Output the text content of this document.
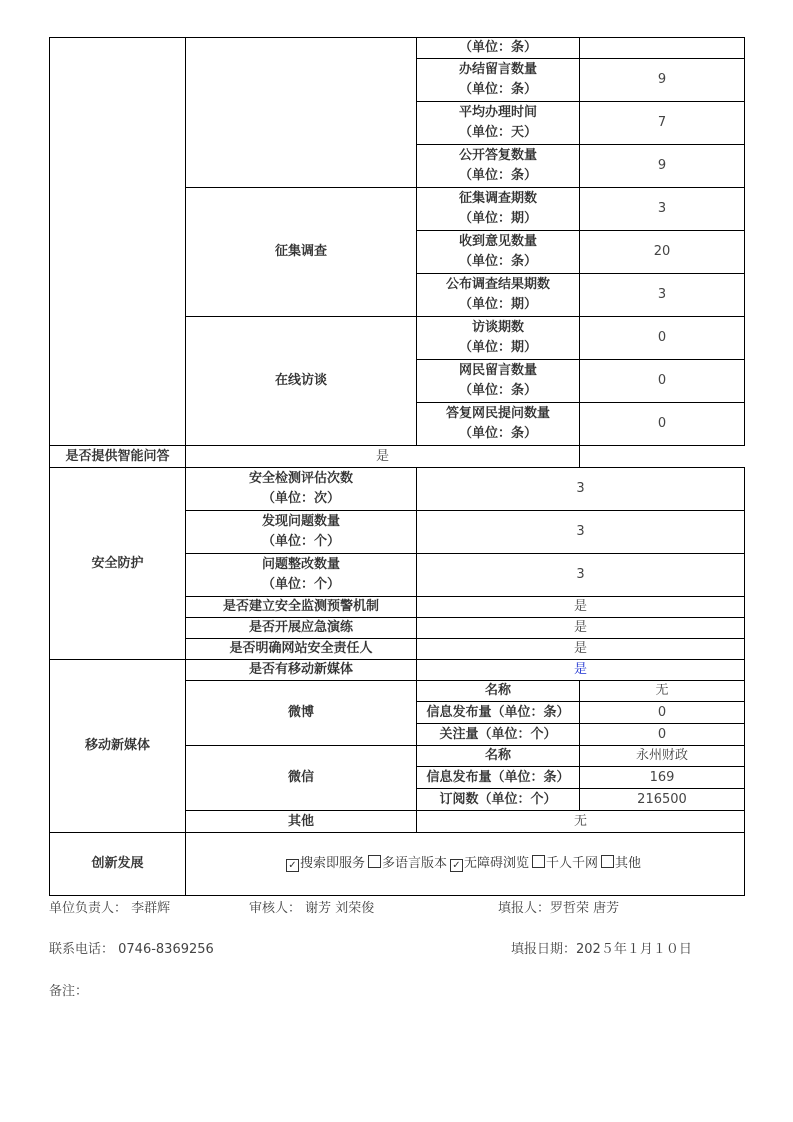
		（单位：条）	
		办结留言数量
（单位：条）	9
		平均办理时间
（单位：天）	7
		公开答复数量
（单位：条）	9
	征集调查	征集调查期数
（单位：期）	3
		收到意见数量
（单位：条）	20
		公布调查结果期数
（单位：期）	3
	在线访谈	访谈期数
（单位：期）	0
		网民留言数量
（单位：条）	0
		答复网民提问数量
（单位：条）	0
是否提供智能问答	是		
安全防护	安全检测评估次数
（单位：次）	3	
	发现问题数量
（单位：个）	3	
	问题整改数量
（单位：个）	3	
	是否建立安全监测预警机制	是	
	是否开展应急演练	是	
	是否明确网站安全责任人	是	
移动新媒体	是否有移动新媒体	是	
	微博	名称	无
		信息发布量（单位：条）	0
		关注量（单位：个）	0
	微信	名称	永州财政
		信息发布量（单位：条）	169
		订阅数（单位：个）	216500
	其他	无	
创新发展	✓ 搜索即服务 多语言版本 ✓ 无障碍浏览 千人千网 其他		
单位负责人： 李群辉	审核人： 谢芳 刘荣俊	填报人：罗哲荣 唐芳
联系电话： 0746-8369256	填报日期：202５年１月１０日
备注：
